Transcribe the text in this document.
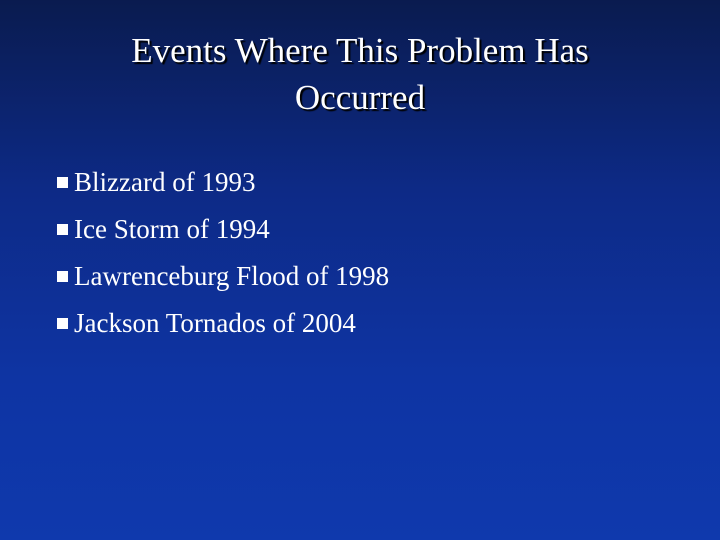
Events Where This Problem Has
Occurred
Blizzard of 1993
Ice Storm of 1994
Lawrenceburg Flood of 1998
Jackson Tornados of 2004
